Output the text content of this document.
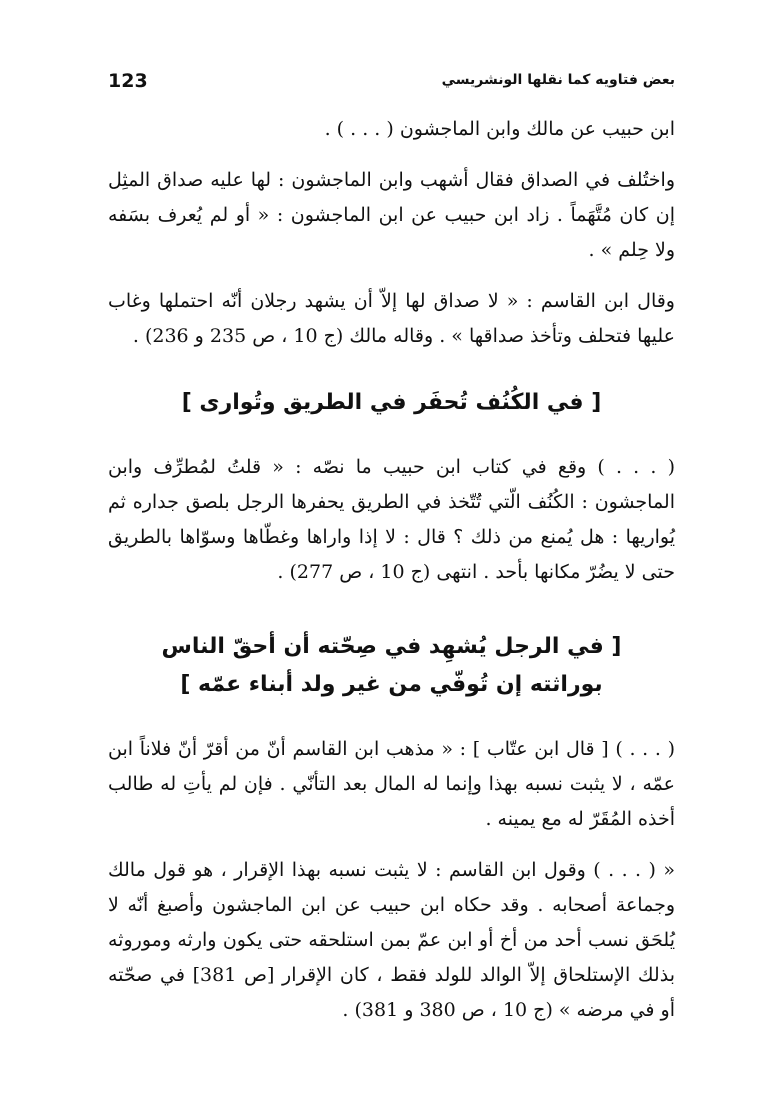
123	بعض فتاويه كما نقلها الونشريسي

ابن حبيب عن مالك وابن الماجشون ( . . . ) .

واختُلف في الصداق فقال أشهب وابن الماجشون : لها عليه صداق المثِل إن كان مُتَّهَماً . زاد ابن حبيب عن ابن الماجشون : « أو لم يُعرف بسَفه ولا حِلم » .

وقال ابن القاسم : « لا صداق لها إلاّ أن يشهد رجلان أنّه احتملها وغاب عليها فتحلف وتأخذ صداقها » . وقاله مالك (ج 10 ، ص 235 و 236) .

[ في الكُنُف تُحفَر في الطريق وتُوارى ]

( . . . ) وقع في كتاب ابن حبيب ما نصّه : « قلتُ لمُطرِّف وابن الماجشون : الكُنُف الّتي تُتّخذ في الطريق يحفرها الرجل بلصق جداره ثم يُواريها : هل يُمنع من ذلك ؟ قال : لا إذا واراها وغطّاها وسوّاها بالطريق حتى لا يضُرّ مكانها بأحد . انتهى (ج 10 ، ص 277) .

[ في الرجل يُشهِد في صِحّته أن أحقّ الناس
بوراثته إن تُوفّي من غير ولد أبناء عمّه ]

( . . . ) [ قال ابن عتّاب ] : « مذهب ابن القاسم أنّ من أقرّ أنّ فلاناً ابن عمّه ، لا يثبت نسبه بهذا وإنما له المال بعد التأنّي . فإن لم يأتِ له طالب أخذه المُقَرّ له مع يمينه .

« ( . . . ) وقول ابن القاسم : لا يثبت نسبه بهذا الإقرار ، هو قول مالك وجماعة أصحابه . وقد حكاه ابن حبيب عن ابن الماجشون وأصبغ أنّه لا يُلحَق نسب أحد من أخ أو ابن عمّ بمن استلحقه حتى يكون وارثه وموروثه بذلك الإستلحاق إلاّ الوالد للولد فقط ، كان الإقرار [ص 381] في صحّته أو في مرضه » (ج 10 ، ص 380 و 381) .
